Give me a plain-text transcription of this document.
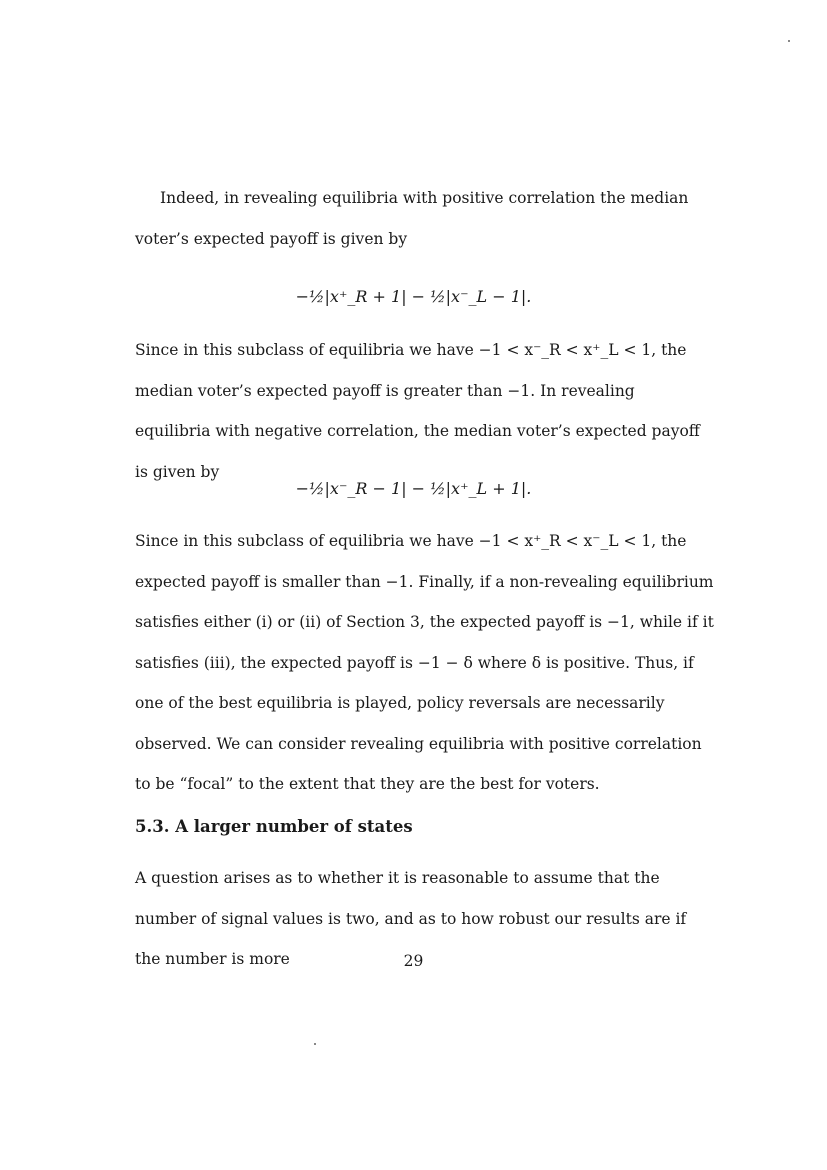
Indeed, in revealing equilibria with positive correlation the median voter’s expected payoff is given by

−½|x⁺_R + 1| − ½|x⁻_L − 1|.

Since in this subclass of equilibria we have −1 < x⁻_R < x⁺_L < 1, the median voter’s expected payoff is greater than −1. In revealing equilibria with negative correlation, the median voter’s expected payoff is given by

−½|x⁻_R − 1| − ½|x⁺_L + 1|.

Since in this subclass of equilibria we have −1 < x⁺_R < x⁻_L < 1, the expected payoff is smaller than −1. Finally, if a non-revealing equilibrium satisfies either (i) or (ii) of Section 3, the expected payoff is −1, while if it satisfies (iii), the expected payoff is −1 − δ where δ is positive. Thus, if one of the best equilibria is played, policy reversals are necessarily observed. We can consider revealing equilibria with positive correlation to be “focal” to the extent that they are the best for voters.

5.3. A larger number of states

A question arises as to whether it is reasonable to assume that the number of signal values is two, and as to how robust our results are if the number is more	29
